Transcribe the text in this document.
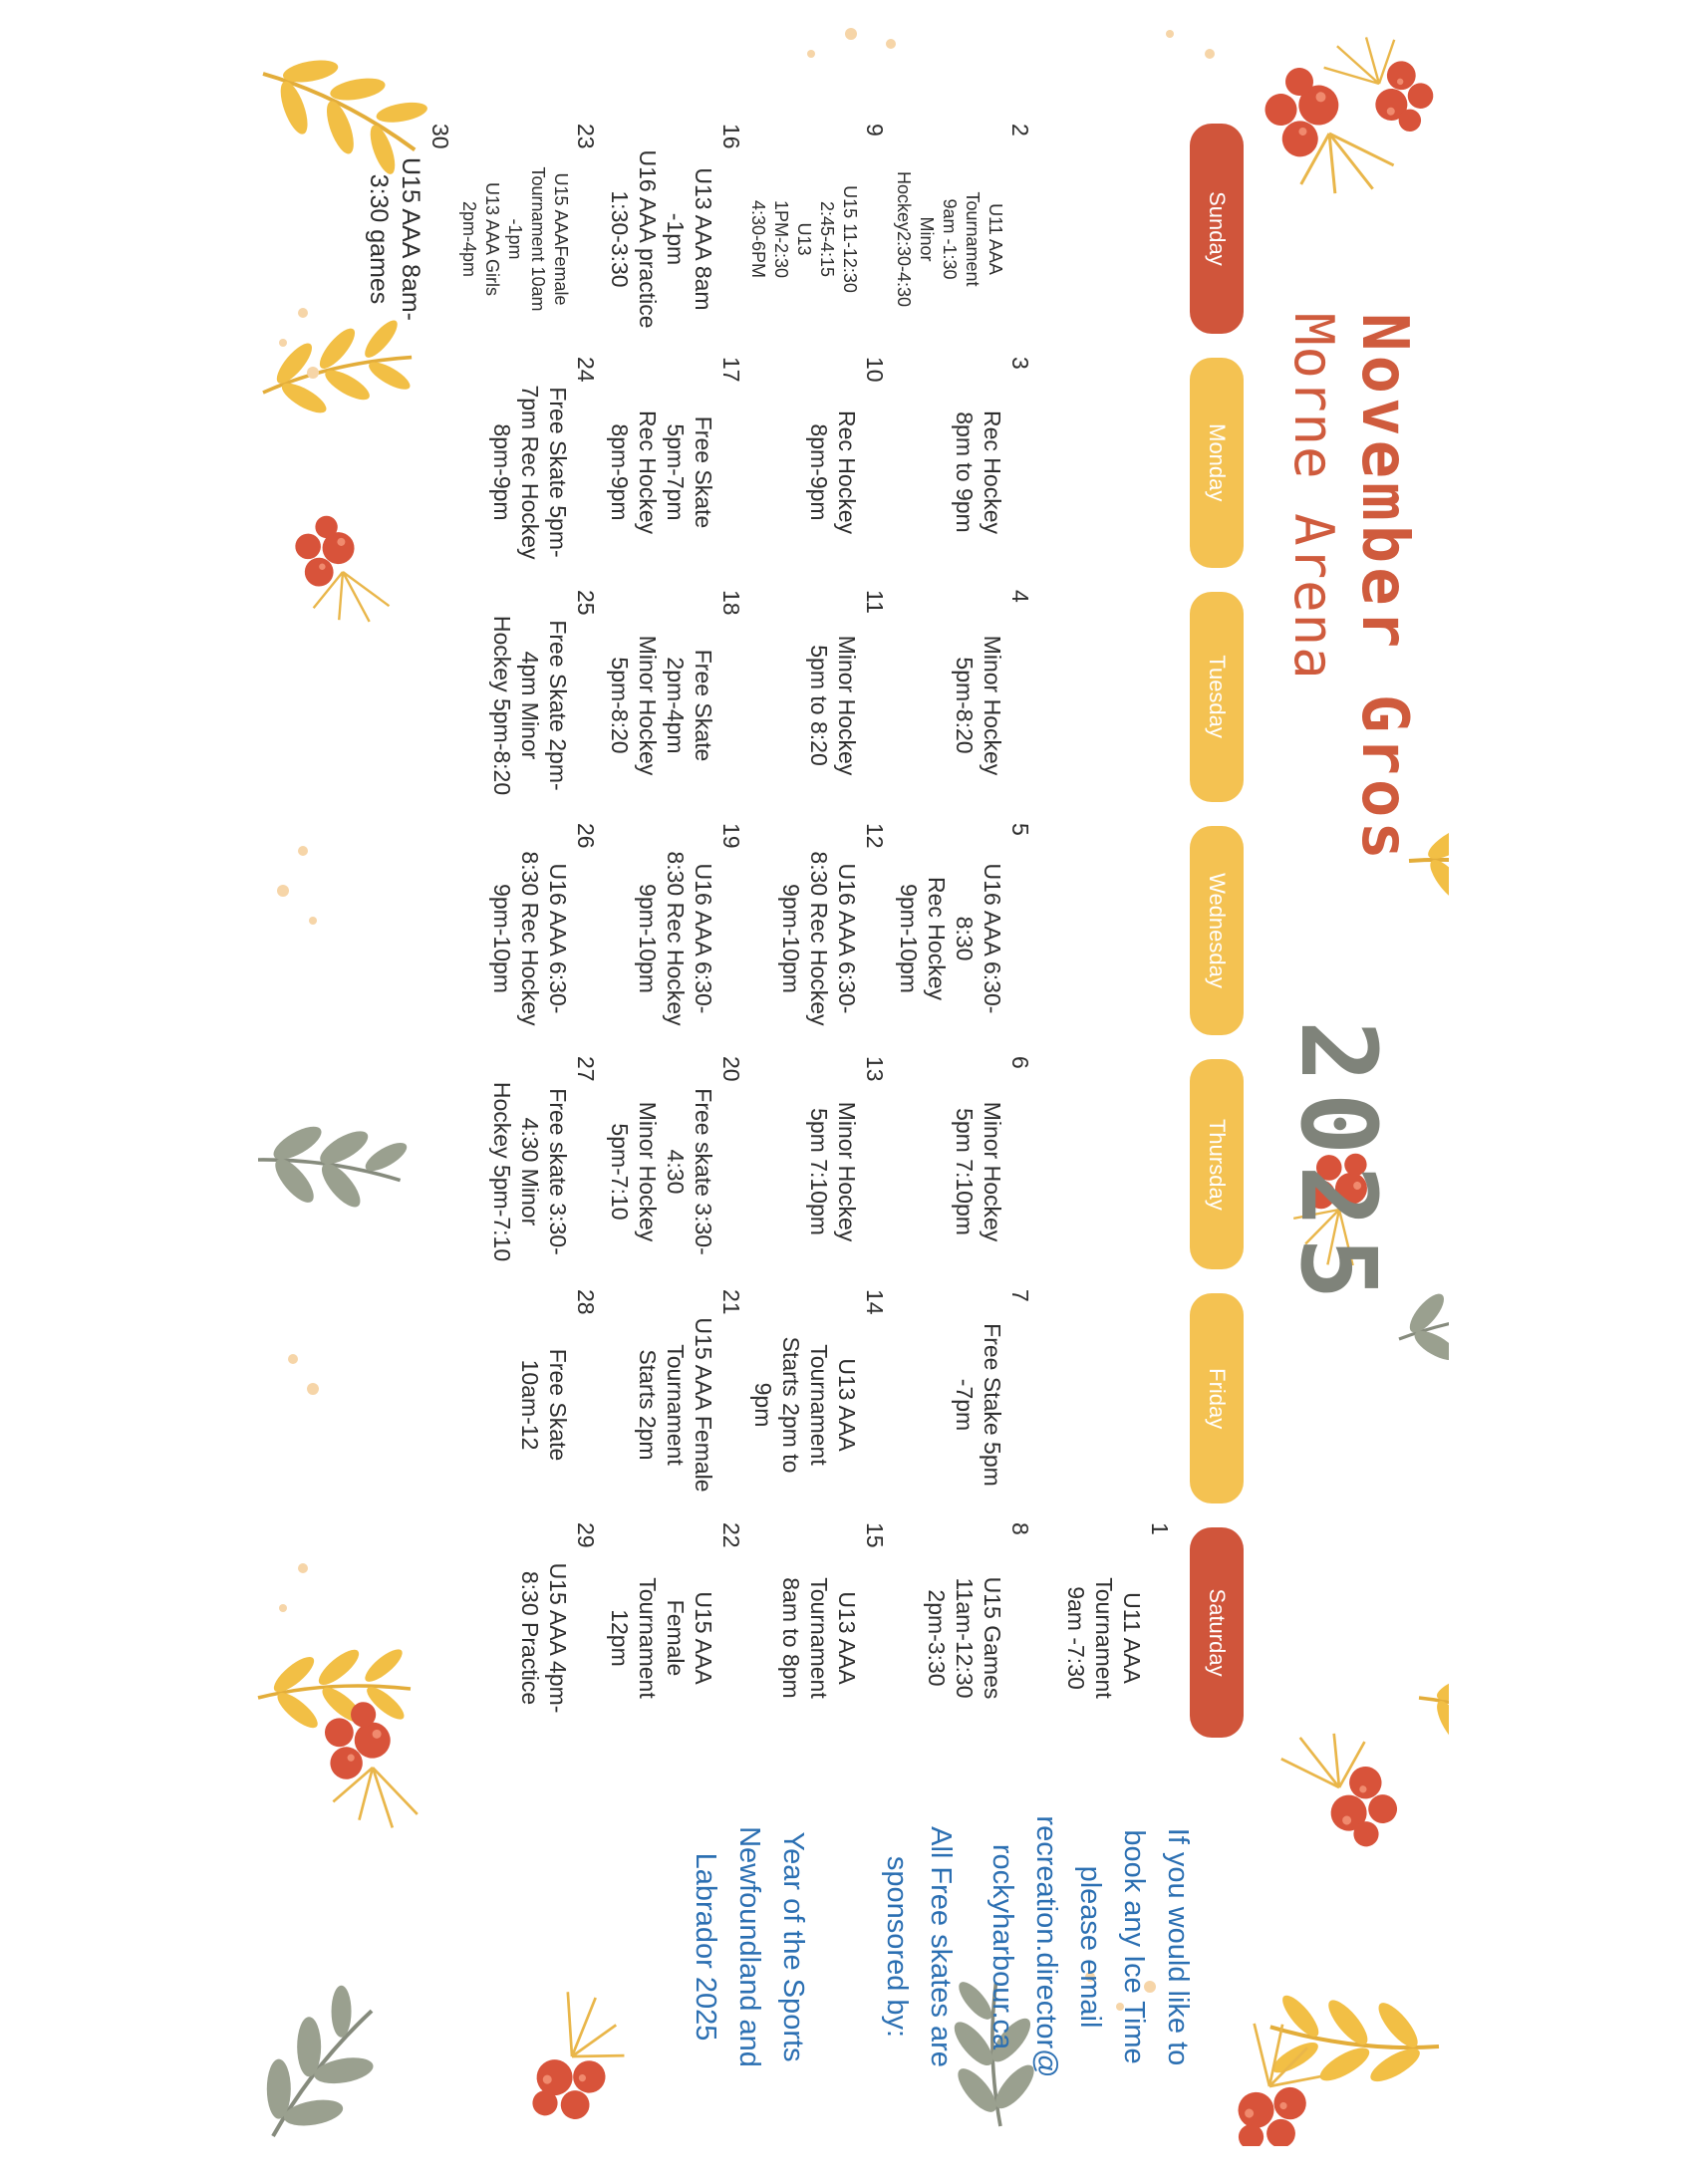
November Gros
Morne Arena
2025
Sunday
Monday
Tuesday
Wednesday
Thursday
Friday
Saturday
1
U11 AAA
Tournament
9am -7:30
2
U11 AAA
Tournament
9am -1:30
Minor
Hockey2:30-4:30
3
Rec Hockey
8pm to 9pm
4
Minor Hockey
5pm-8:20
5
U16 AAA 6:30-
8:30
Rec Hockey
9pm-10pm
6
Minor Hockey
5pm 7:10pm
7
Free Stake 5pm
-7pm
8
U15 Games
11am-12:30
2pm-3:30
9
U15 11-12:30
2:45-4:15
U13
1PM-2:30
4:30-6PM
10
Rec Hockey
8pm-9pm
11
Minor Hockey
5pm to 8:20
12
U16 AAA 6:30-
8:30 Rec Hockey
9pm-10pm
13
Minor Hockey
5pm 7:10pm
14
U13 AAA
Tournament
Starts 2pm to
9pm
15
U13 AAA
Tournament
8am to 8pm
16
U13 AAA 8am
-1pm
U16 AAA practice
1:30-3:30
17
Free Skate
5pm-7pm
Rec Hockey
8pm-9pm
18
Free Skate
2pm-4pm
Minor Hockey
5pm-8:20
19
U16 AAA 6:30-
8:30 Rec Hockey
9pm-10pm
20
Free skate 3:30-
4:30
Minor Hockey
5pm-7:10
21
U15 AAA Female
Tournament
Starts 2pm
22
U15 AAA
Female
Tournament
12pm
23
U15 AAAFemale
Tournament 10am
-1pm
U13 AAA Girls
2pm-4pm
24
Free Skate 5pm-
7pm Rec Hockey
8pm-9pm
25
Free Skate 2pm-
4pm Minor
Hockey 5pm-8:20
26
U16 AAA 6:30-
8:30 Rec Hockey
9pm-10pm
27
Free skate 3:30-
4:30 Minor
Hockey 5pm-7:10
28
Free Skate
10am-12
29
U15 AAA 4pm-
8:30 Practice
30
U15 AAA 8am-
3:30 games

If you would like to
book any Ice Time
please email
recreation.director@
rockyharbour.ca

All Free skates are
sponsored by:

Year of the Sports
Newfoundland and
Labrador 2025
